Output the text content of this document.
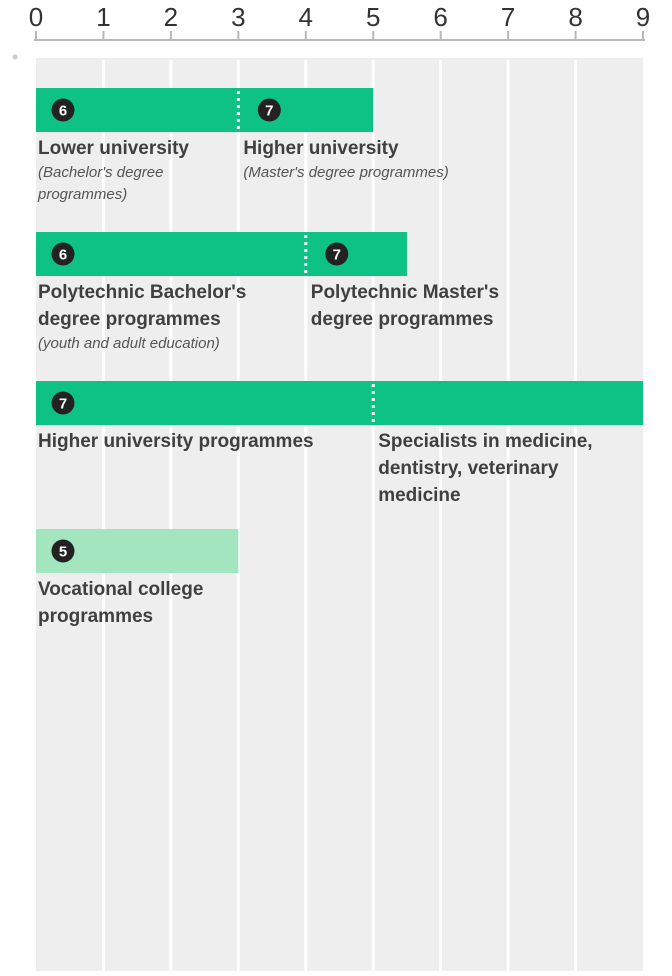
0 1 2 3 4 5 6 7 8 9
6	7
6	7
7
5
Lower university
(Bachelor's degree
programmes)
Higher university
(Master's degree programmes)
Polytechnic Bachelor's
degree programmes
(youth and adult education)
Polytechnic Master's
degree programmes
Higher university programmes	Specialists in medicine,
dentistry, veterinary
medicine
Vocational college
programmes
